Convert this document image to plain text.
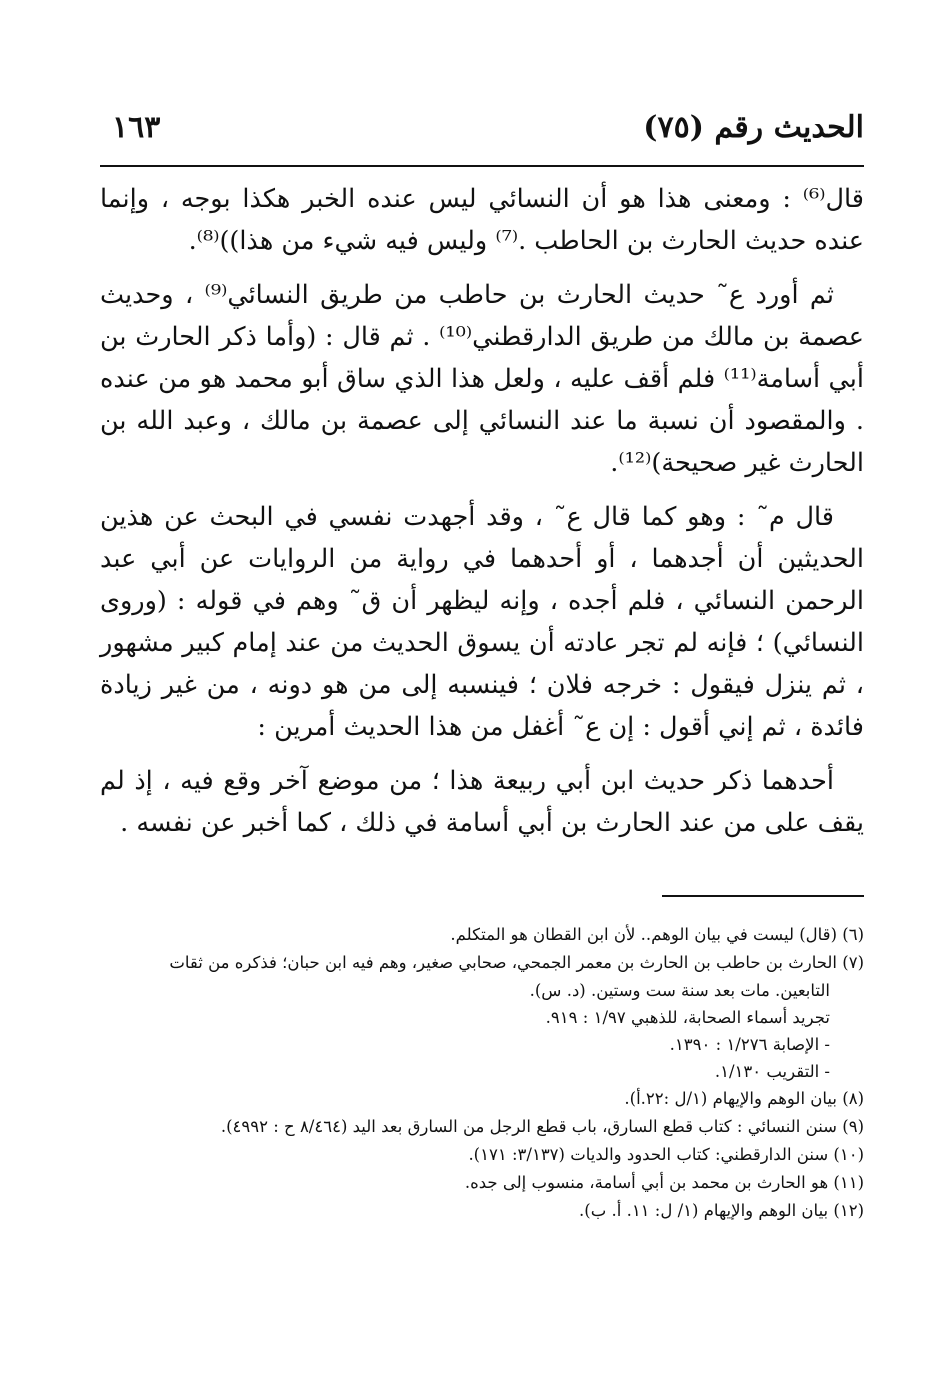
الحديث رقم (٧٥)
١٦٣

قال⁽⁶⁾ : ومعنى هذا هو أن النسائي ليس عنده الخبر هكذا بوجه ، وإنما عنده حديث الحارث بن الحاطب .⁽⁷⁾ وليس فيه شيء من هذا))⁽⁸⁾.

ثم أورد ع˜ حديث الحارث بن حاطب من طريق النسائي⁽⁹⁾ ، وحديث عصمة بن مالك من طريق الدارقطني⁽¹⁰⁾ . ثم قال : (وأما ذكر الحارث بن أبي أسامة⁽¹¹⁾ فلم أقف عليه ، ولعل هذا الذي ساق أبو محمد هو من عنده . والمقصود أن نسبة ما عند النسائي إلى عصمة بن مالك ، وعبد الله بن الحارث غير صحيحة)⁽¹²⁾.

قال م˜ : وهو كما قال ع˜ ، وقد أجهدت نفسي في البحث عن هذين الحديثين أن أجدهما ، أو أحدهما في رواية من الروايات عن أبي عبد الرحمن النسائي ، فلم أجده ، وإنه ليظهر أن ق˜ وهم في قوله : (وروى النسائي) ؛ فإنه لم تجر عادته أن يسوق الحديث من عند إمام كبير مشهور ، ثم ينزل فيقول : خرجه فلان ؛ فينسبه إلى من هو دونه ، من غير زيادة فائدة ، ثم إني أقول : إن ع˜ أغفل من هذا الحديث أمرين :

أحدهما ذكر حديث ابن أبي ربيعة هذا ؛ من موضع آخر وقع فيه ، إذ لم يقف على من عند الحارث بن أبي أسامة في ذلك ، كما أخبر عن نفسه .

(٦) (قال) ليست في بيان الوهم.. لأن ابن القطان هو المتكلم.
(٧) الحارث بن حاطب بن الحارث بن معمر الجمحي، صحابي صغير، وهم فيه ابن حبان؛ فذكره من ثقات
التابعين. مات بعد سنة ست وستين. (د. س).
تجريد أسماء الصحابة، للذهبي ١/٩٧ : ٩١٩.
- الإصابة ١/٢٧٦ : ١٣٩٠.
- التقريب ١/١٣٠.
(٨) بيان الوهم والإيهام (١/ل :٢٢.أ).
(٩) سنن النسائي : كتاب قطع السارق، باب قطع الرجل من السارق بعد اليد (٨/٤٦٤ ح : ٤٩٩٢).
(١٠) سنن الدارقطني: كتاب الحدود والديات (٣/١٣٧: ١٧١).
(١١) هو الحارث بن محمد بن أبي أسامة، منسوب إلى جده.
(١٢) بيان الوهم والإيهام (١/ ل: ١١. أ. ب).
